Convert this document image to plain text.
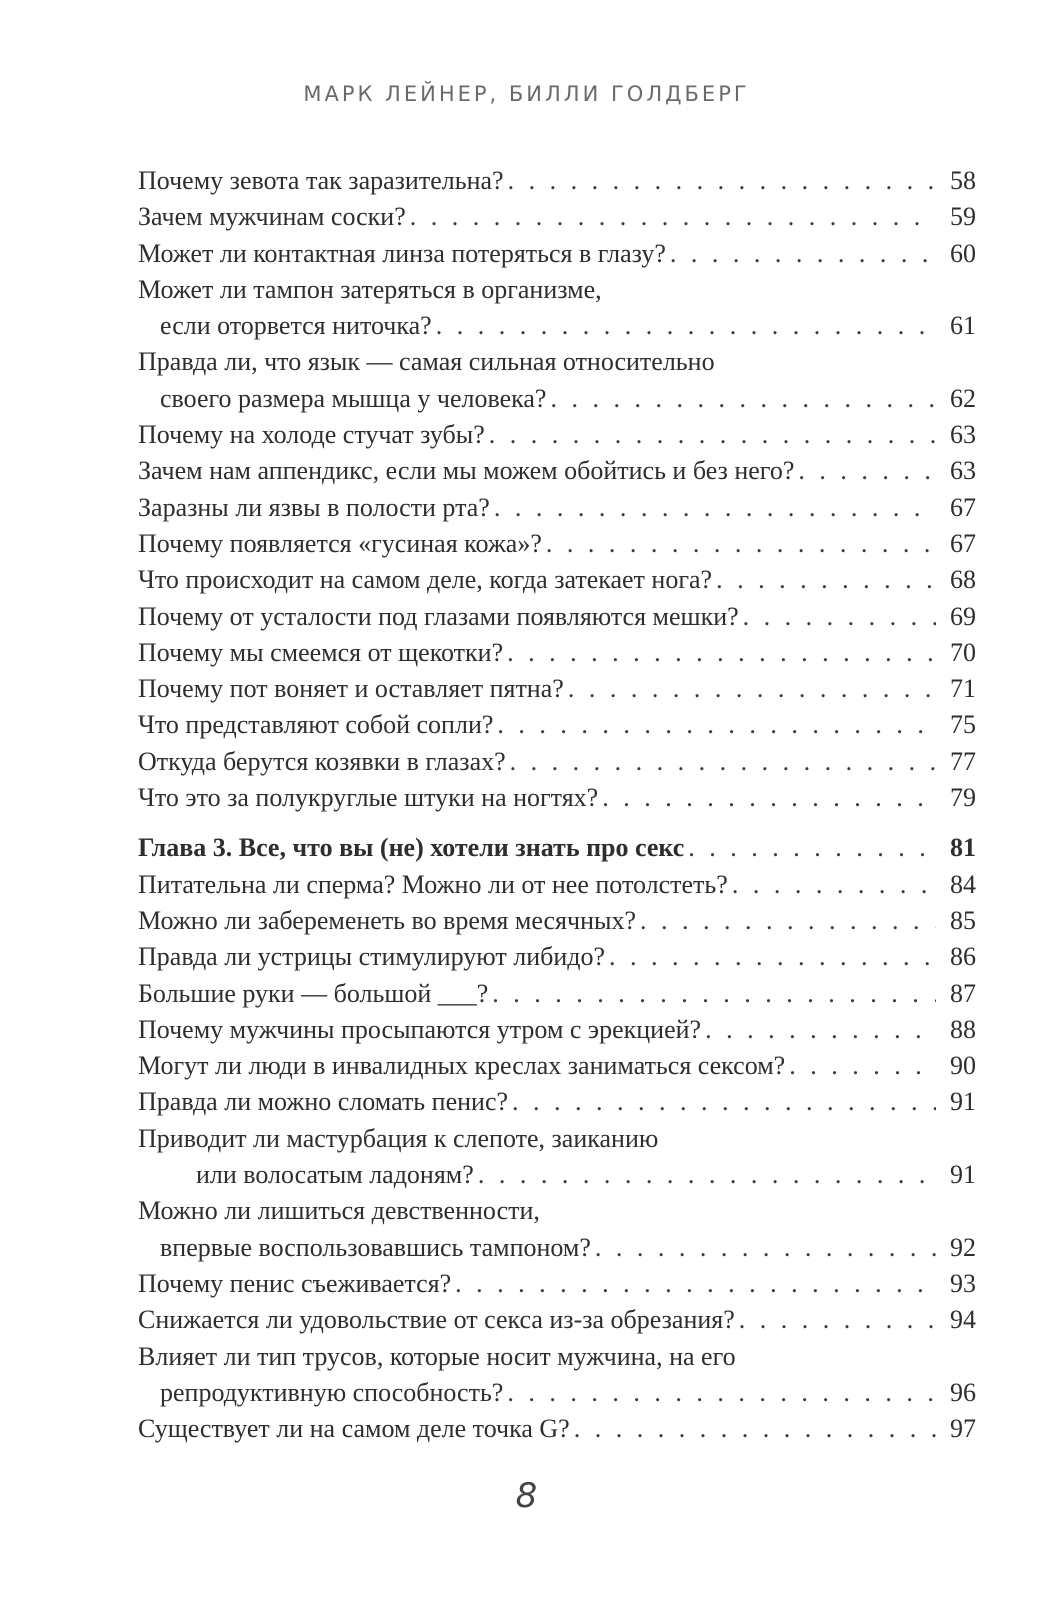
МАРК ЛЕЙНЕР, БИЛЛИ ГОЛДБЕРГ
Почему зевота так заразительна? . . .	58
Зачем мужчинам соски? . . .	59
Может ли контактная линза потеряться в глазу? . . .	60
Может ли тампон затеряться в организме,
если оторвется ниточка? . . .	61
Правда ли, что язык — самая сильная относительно
своего размера мышца у человека? . . .	62
Почему на холоде стучат зубы? . . .	63
Зачем нам аппендикс, если мы можем обойтись и без него? . . .	63
Заразны ли язвы в полости рта? . . .	67
Почему появляется «гусиная кожа»? . . .	67
Что происходит на самом деле, когда затекает нога? . . .	68
Почему от усталости под глазами появляются мешки? . . .	69
Почему мы смеемся от щекотки? . . .	70
Почему пот воняет и оставляет пятна? . . .	71
Что представляют собой сопли? . . .	75
Откуда берутся козявки в глазах? . . .	77
Что это за полукруглые штуки на ногтях? . . .	79
Глава 3. Все, что вы (не) хотели знать про секс . . .	81
Питательна ли сперма? Можно ли от нее потолстеть? . . .	84
Можно ли забеременеть во время месячных? . . .	85
Правда ли устрицы стимулируют либидо? . . .	86
Большие руки — большой ___? . . .	87
Почему мужчины просыпаются утром с эрекцией? . . .	88
Могут ли люди в инвалидных креслах заниматься сексом? . . .	90
Правда ли можно сломать пенис? . . .	91
Приводит ли мастурбация к слепоте, заиканию
или волосатым ладоням? . . .	91
Можно ли лишиться девственности,
впервые воспользовавшись тампоном? . . .	92
Почему пенис съеживается? . . .	93
Снижается ли удовольствие от секса из-за обрезания? . . .	94
Влияет ли тип трусов, которые носит мужчина, на его
репродуктивную способность? . . .	96
Существует ли на самом деле точка G? . . .	97
8
